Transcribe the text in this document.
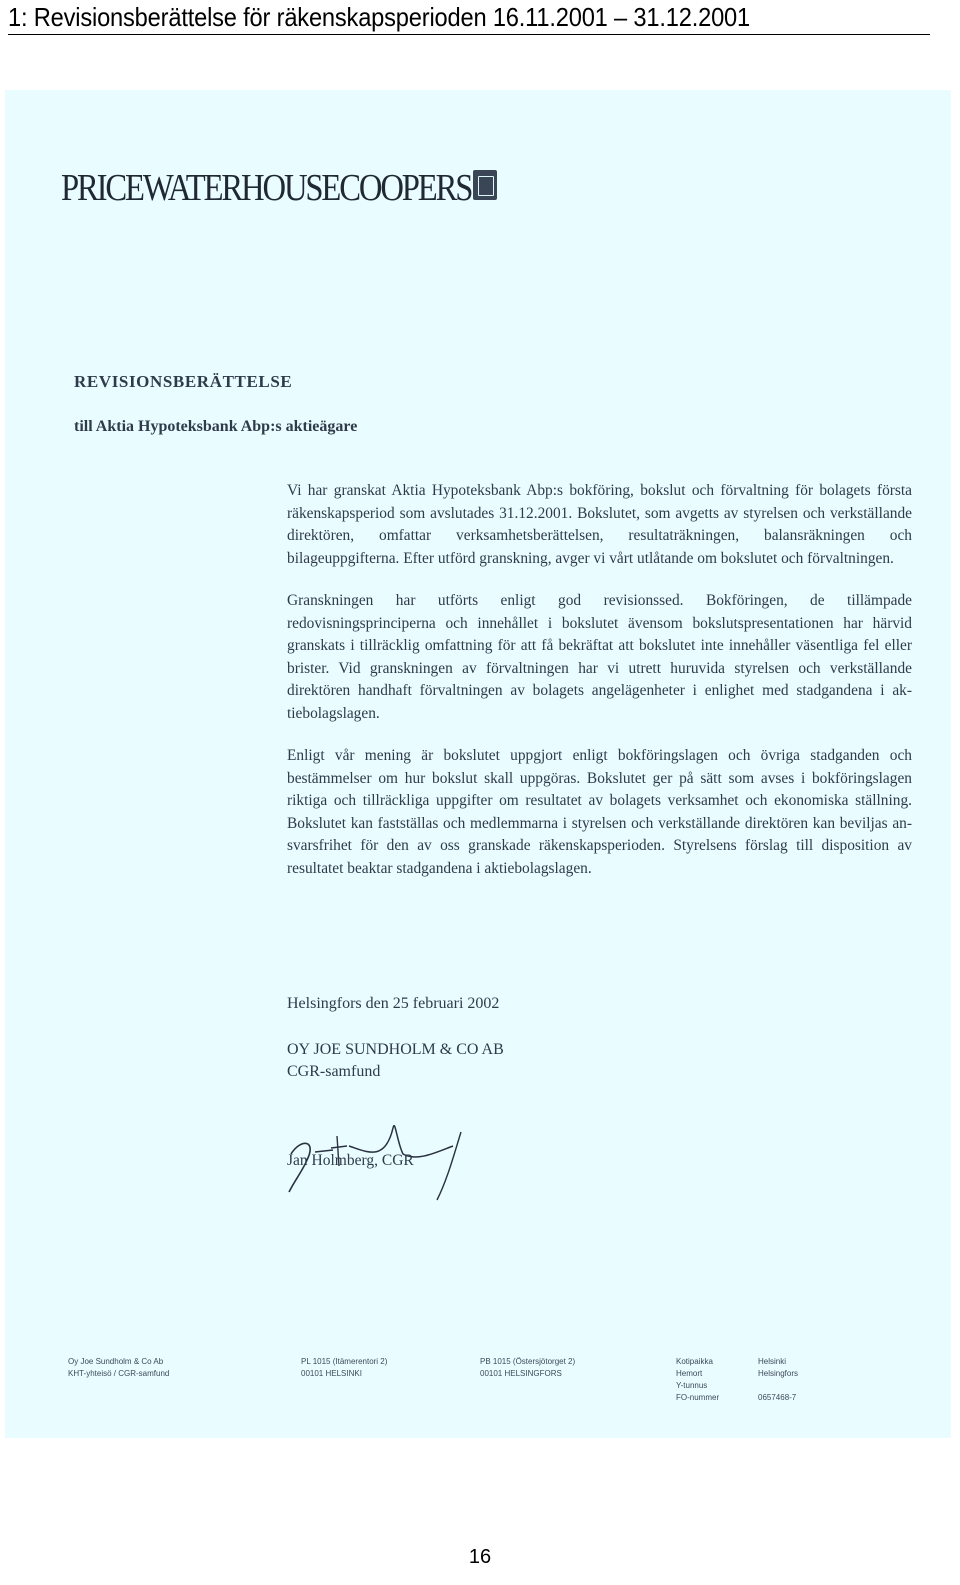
1: Revisionsberättelse för räkenskapsperioden 16.11.2001 – 31.12.2001
PRICEWATERHOUSECOOPERS
REVISIONSBERÄTTELSE
till Aktia Hypoteksbank Abp:s aktieägare

Vi har granskat Aktia Hypoteksbank Abp:s bokföring, bokslut och förvaltning för bolagets första räkenskapsperiod som avslutades 31.12.2001. Bokslutet, som avgetts av styrelsen och verkställande direktören, omfattar verksamhetsberättelsen, resultaträkningen, balansräkningen och bilageuppgifterna. Efter utförd granskning, avger vi vårt utlåtande om bokslutet och förvaltningen.

Granskningen har utförts enligt god revisionssed. Bokföringen, de tillämpade redovisningsprinciperna och innehållet i bokslutet ävensom bokslutspresentationen har härvid granskats i tillräcklig omfattning för att få bekräftat att bokslutet inte innehåller väsentliga fel eller brister. Vid granskningen av förvaltningen har vi utrett huruvida styrelsen och verkställande direktören handhaft förvaltningen av bolagets angelägenheter i enlighet med stadgandena i aktiebolagslagen.

Enligt vår mening är bokslutet uppgjort enligt bokföringslagen och övriga stadganden och bestämmelser om hur bokslut skall uppgöras. Bokslutet ger på sätt som avses i bokföringslagen riktiga och tillräckliga uppgifter om resultatet av bolagets verksamhet och ekonomiska ställning. Bokslutet kan fastställas och medlemmarna i styrelsen och verkställande direktören kan beviljas ansvarsfrihet för den av oss granskade räkenskapsperioden. Styrelsens förslag till disposition av resultatet beaktar stadgandena i aktiebolagslagen.

Helsingfors den 25 februari 2002
OY JOE SUNDHOLM & CO AB
CGR-samfund
Jan Holmberg, CGR
Oy Joe Sundholm & Co Ab
KHT-yhteisö / CGR-samfund
PL 1015 (Itämerentori 2)
00101 HELSINKI
PB 1015 (Östersjötorget 2)
00101 HELSINGFORS
Kotipaikka
Hemort
Y-tunnus
FO-nummer
Helsinki
Helsingfors
0657468-7
16
